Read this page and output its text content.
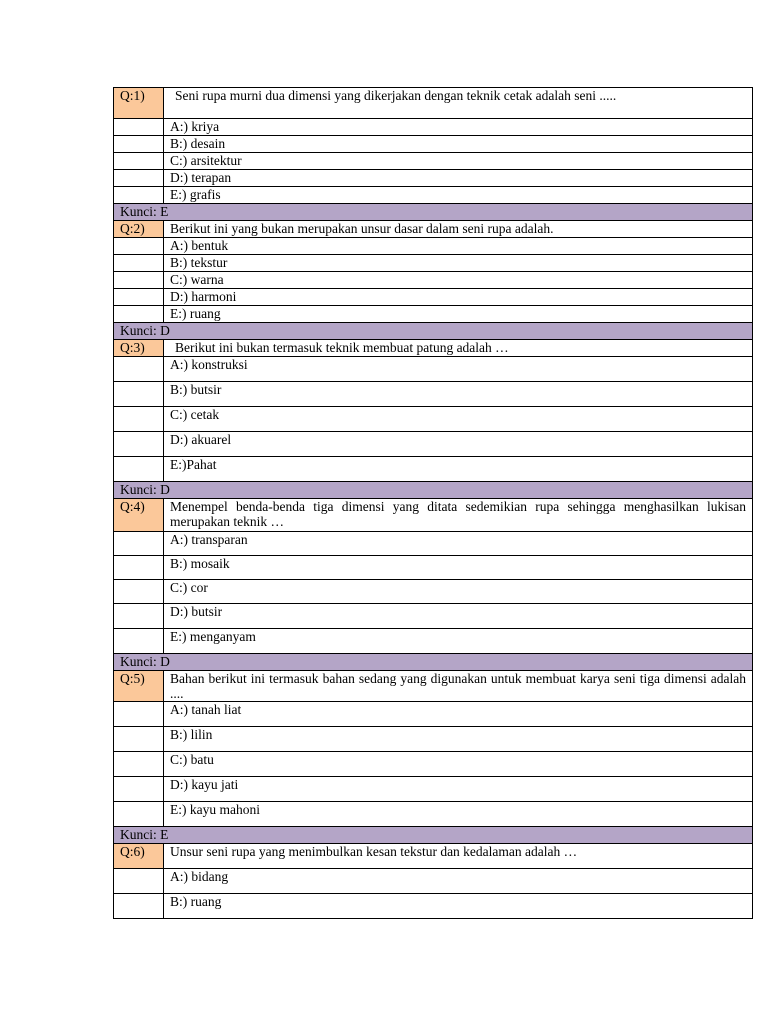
Q:1)	Seni rupa murni dua dimensi yang dikerjakan dengan teknik cetak adalah seni .....
	A:) kriya
	B:) desain
	C:) arsitektur
	D:) terapan
	E:) grafis
Kunci: E	
Q:2)	Berikut ini yang bukan merupakan unsur dasar dalam seni rupa adalah.
	A:) bentuk
	B:) tekstur
	C:) warna
	D:) harmoni
	E:) ruang
Kunci: D	
Q:3)	Berikut ini bukan termasuk teknik membuat patung adalah …
	A:) konstruksi
	B:) butsir
	C:) cetak
	D:) akuarel
	E:)Pahat
Kunci: D	
Q:4)	Menempel benda-benda tiga dimensi yang ditata sedemikian rupa sehingga menghasilkan lukisan merupakan teknik …
	A:) transparan
	B:) mosaik
	C:) cor
	D:) butsir
	E:) menganyam
Kunci: D	
Q:5)	Bahan berikut ini termasuk bahan sedang yang digunakan untuk membuat karya seni tiga dimensi adalah ....
	A:) tanah liat
	B:) lilin
	C:) batu
	D:) kayu jati
	E:) kayu mahoni
Kunci: E	
Q:6)	Unsur seni rupa yang menimbulkan kesan tekstur dan kedalaman adalah …
	A:) bidang
	B:) ruang
